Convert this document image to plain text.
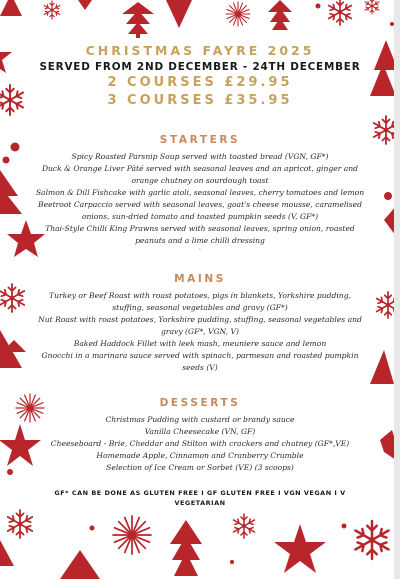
CHRISTMAS FAYRE 2025

SERVED FROM 2ND DECEMBER - 24TH DECEMBER

2 COURSES £29.95

3 COURSES £35.95

STARTERS

Spicy Roasted Parsnip Soup served with toasted bread (VGN, GF*)
Duck & Orange Liver Pâté served with seasonal leaves and an apricot, ginger and orange chutney on sourdough toast
Salmon & Dill Fishcake with garlic aioli, seasonal leaves, cherry tomatoes and lemon
Beetroot Carpaccio served with seasonal leaves, goat's cheese mousse, caramelised onions, sun-dried tomato and toasted pumpkin seeds (V, GF*)
Thai-Style Chilli King Prawns served with seasonal leaves, spring onion, roasted peanuts and a lime chilli dressing

'

MAINS

Turkey or Beef Roast with roast potatoes, pigs in blankets, Yorkshire pudding, stuffing, seasonal vegetables and gravy (GF*)
Nut Roast with roast potatoes, Yorkshire pudding, stuffing, seasonal vegetables and gravy (GF*, VGN, V)
Baked Haddock Fillet with leek mash, meuniere sauce and lemon
Gnocchi in a marinara sauce served with spinach, parmesan and roasted pumpkin seeds (V)

DESSERTS

Christmas Pudding with custard or brandy sauce
Vanilla Cheesecake (VN, GF)
Cheeseboard - Brie, Cheddar and Stilton with crackers and chutney (GF*,VE)
Homemade Apple, Cinnamon and Cranberry Crumble
Selection of Ice Cream or Sorbet (VE) (3 scoops)

GF* CAN BE DONE AS GLUTEN FREE I GF GLUTEN FREE I VGN VEGAN I V VEGETARIAN
